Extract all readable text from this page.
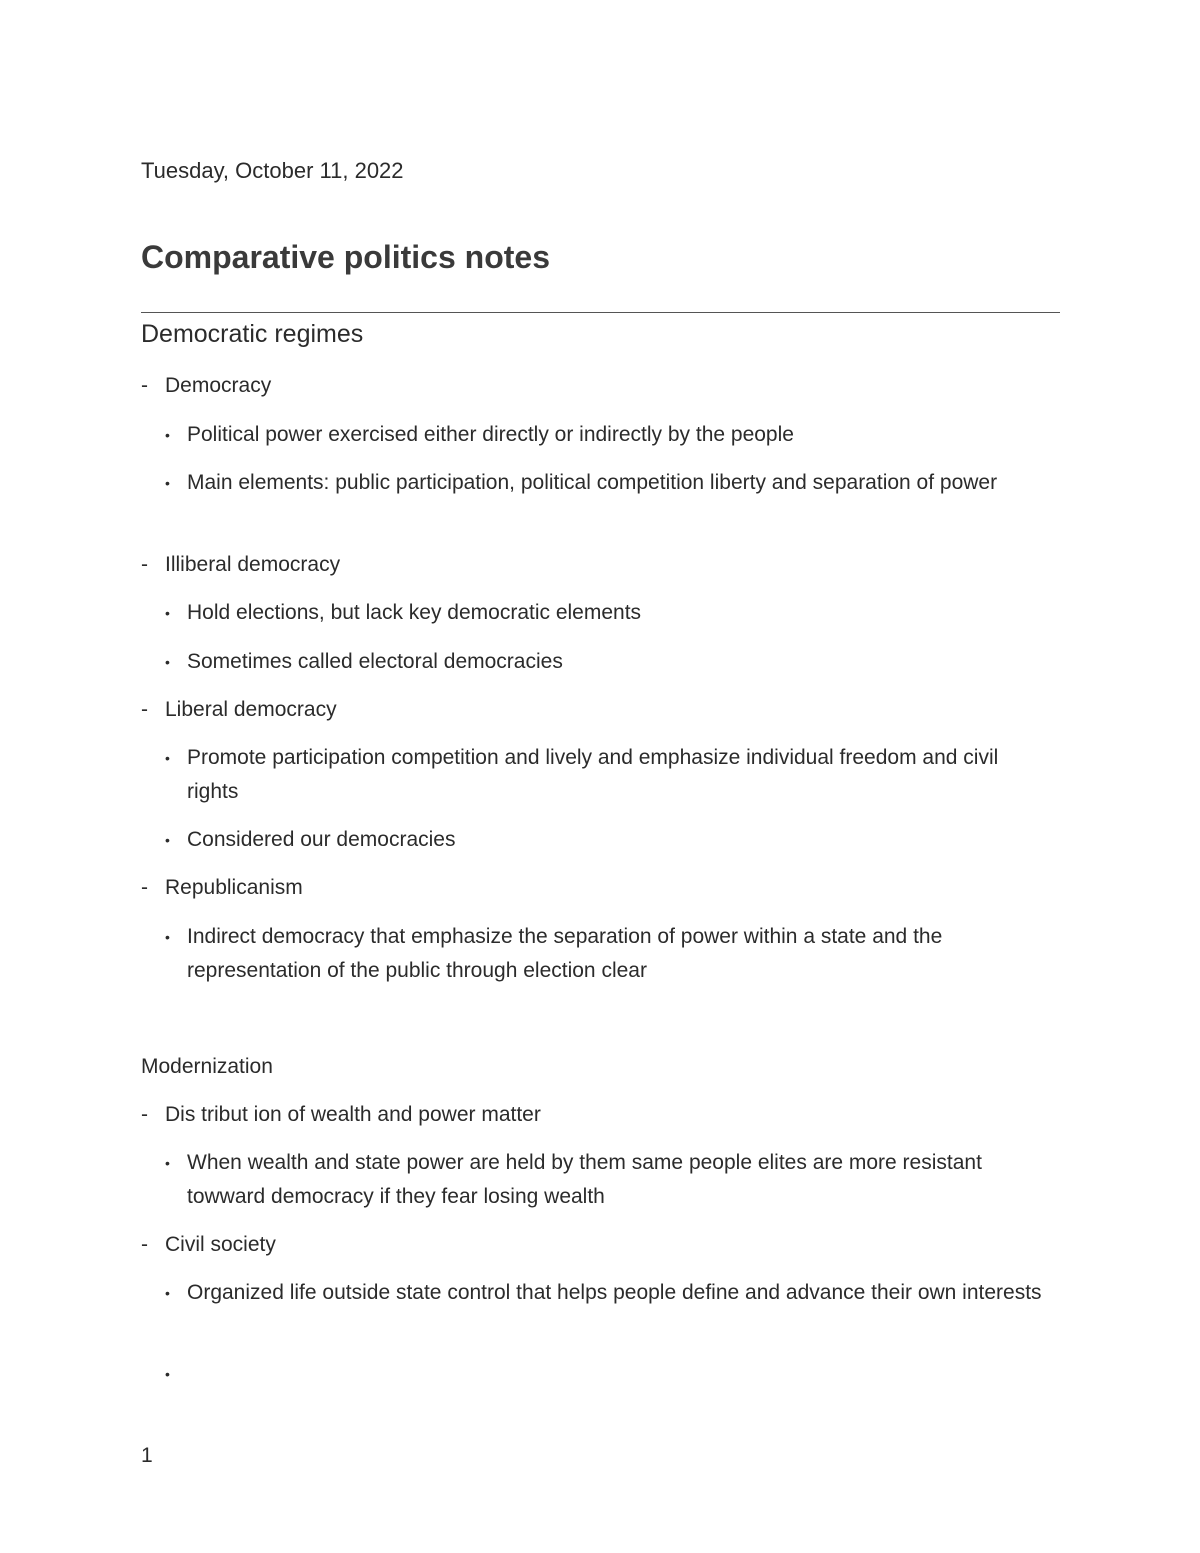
Tuesday, October 11, 2022
Comparative politics notes
Democratic regimes
- Democracy
• Political power exercised either directly or indirectly by the people
• Main elements: public participation, political competition liberty and separation of power
- Illiberal democracy
• Hold elections, but lack key democratic elements
• Sometimes called electoral democracies
- Liberal democracy
• Promote participation competition and lively and emphasize individual freedom and civil rights
• Considered our democracies
- Republicanism
• Indirect democracy that emphasize the separation of power within a state and the representation of the public through election clear
Modernization
- Dis tribut ion of wealth and power matter
• When wealth and state power are held by them same people elites are more resistant towward democracy if they fear losing wealth
- Civil society
• Organized life outside state control that helps people define and advance their own interests
•
1
